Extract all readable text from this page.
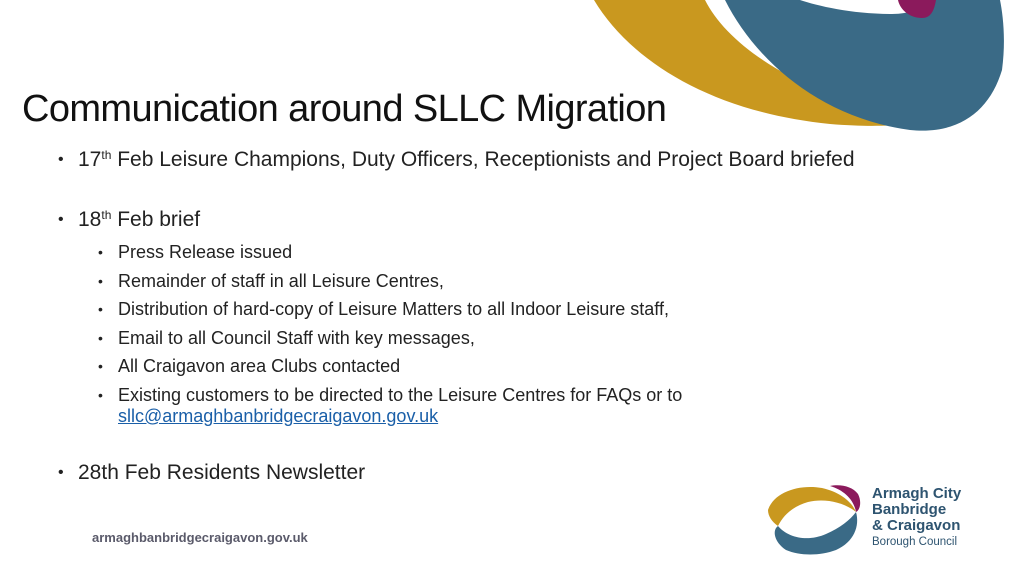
Communication around SLLC Migration
• 17th Feb Leisure Champions, Duty Officers, Receptionists and Project Board briefed
• 18th Feb brief
• Press Release issued
• Remainder of staff in all Leisure Centres,
• Distribution of hard-copy of Leisure Matters to all Indoor Leisure staff,
• Email to all Council Staff with key messages,
• All Craigavon area Clubs contacted
• Existing customers to be directed to the Leisure Centres for FAQs or to
sllc@armaghbanbridgecraigavon.gov.uk
• 28th Feb Residents Newsletter
armaghbanbridgecraigavon.gov.uk
Armagh City
Banbridge
& Craigavon
Borough Council
